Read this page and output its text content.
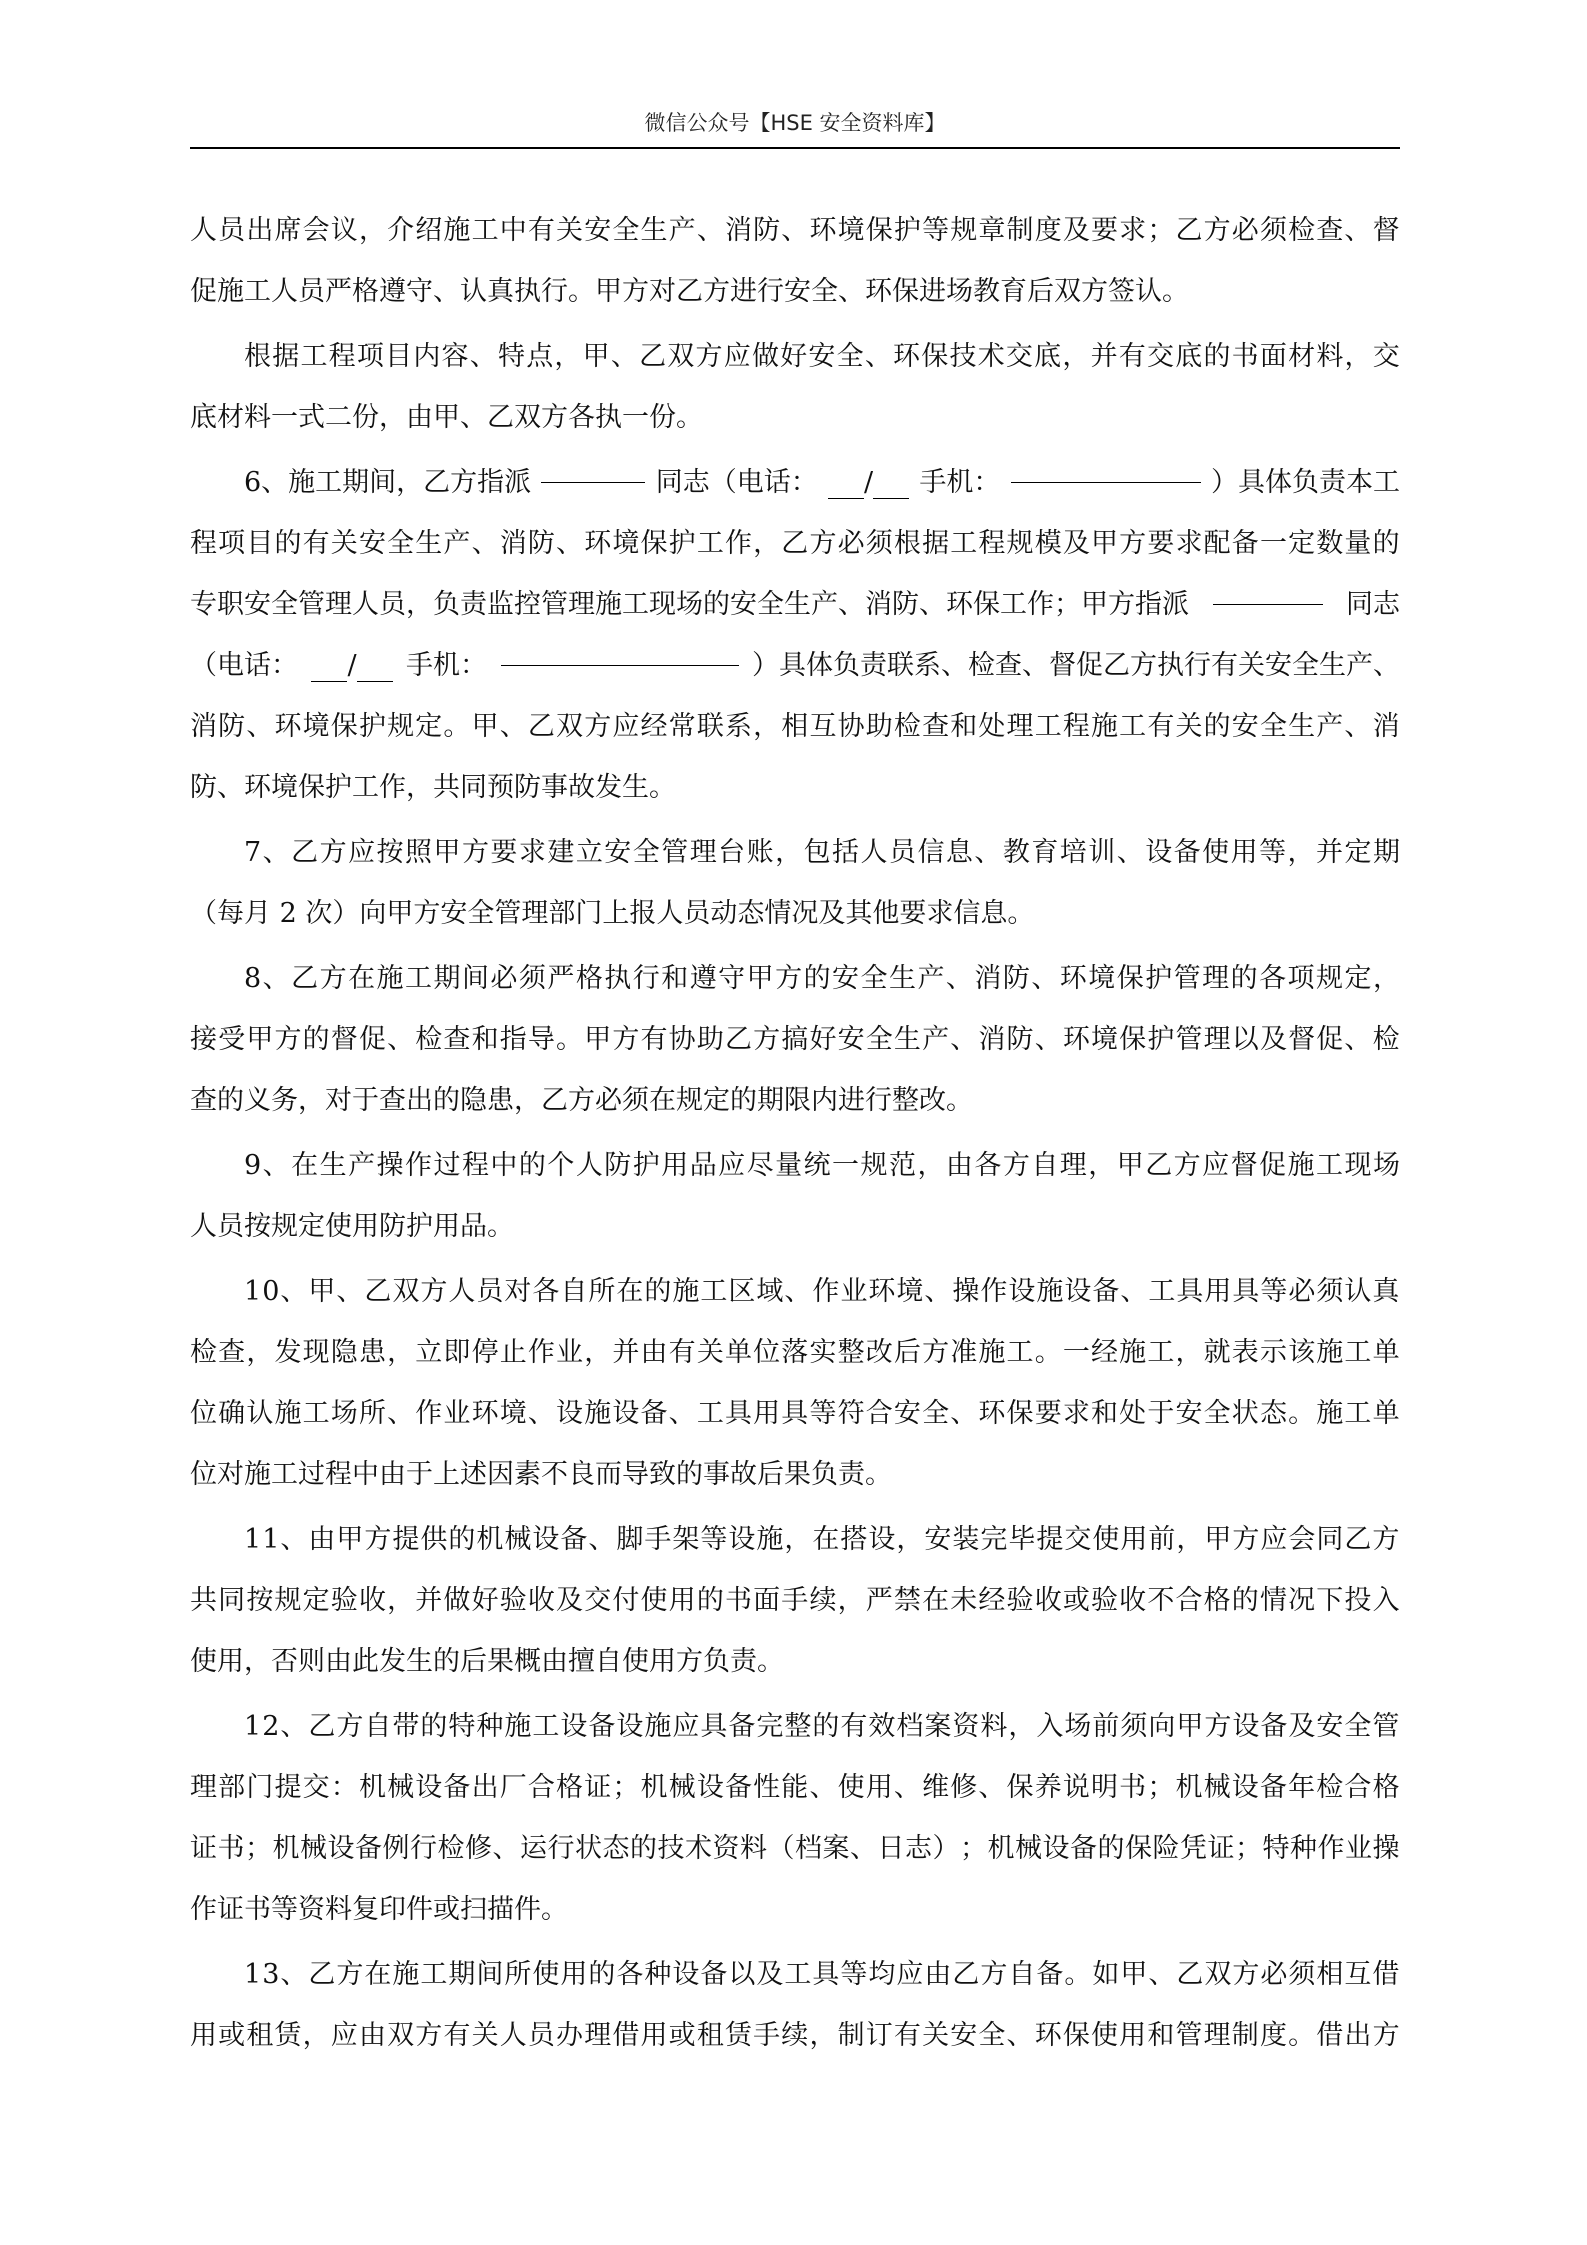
微信公众号【HSE 安全资料库】
人 员 出 席 会 议 ， 介 绍 施 工 中 有 关 安 全 生 产 、 消 防 、 环 境 保 护 等 规 章 制 度 及 要 求 ； 乙 方 必 须 检 查 、 督
促施工人员严格遵守、认真执行。甲方对乙方进行安全、环保进场教育后双方签认。
根 据 工 程 项 目 内 容 、 特 点 ， 甲 、 乙 双 方 应 做 好 安 全 、 环 保 技 术 交 底 ， 并 有 交 底 的 书 面 材 料 ， 交
底材料一式二份，由甲、乙双方各执一份。
6、施工期间，乙方指派	同志（电话：	/	手机：	）具体负责本工
程 项 目 的 有 关 安 全 生 产 、 消 防 、 环 境 保 护 工 作 ， 乙 方 必 须 根 据 工 程 规 模 及 甲 方 要 求 配 备 一 定 数 量 的
专职安全管理人员，负责监控管理施工现场的安全生产、消防、环保工作；甲方指派	同志
（电话：	/	手机：	）具体负责联系、检查、督促乙方执行有关安全生产、
消 防 、 环 境 保 护 规 定 。 甲 、 乙 双 方 应 经 常 联 系 ， 相 互 协 助 检 查 和 处 理 工 程 施 工 有 关 的 安 全 生 产 、 消
防、环境保护工作，共同预防事故发生。
7 、 乙 方 应 按 照 甲 方 要 求 建 立 安 全 管 理 台 账 ， 包 括 人 员 信 息 、 教 育 培 训 、 设 备 使 用 等 ， 并 定 期
（每月 2 次）向甲方安全管理部门上报人员动态情况及其他要求信息。
8 、 乙 方 在 施 工 期 间 必 须 严 格 执 行 和 遵 守 甲 方 的 安 全 生 产 、 消 防 、 环 境 保 护 管 理 的 各 项 规 定 ，
接 受 甲 方 的 督 促 、 检 查 和 指 导 。 甲 方 有 协 助 乙 方 搞 好 安 全 生 产 、 消 防 、 环 境 保 护 管 理 以 及 督 促 、 检
查的义务，对于查出的隐患，乙方必须在规定的期限内进行整改。
9 、 在 生 产 操 作 过 程 中 的 个 人 防 护 用 品 应 尽 量 统 一 规 范 ， 由 各 方 自 理 ， 甲 乙 方 应 督 促 施 工 现 场
人员按规定使用防护用品。
1 0 、 甲 、 乙 双 方 人 员 对 各 自 所 在 的 施 工 区 域 、 作 业 环 境 、 操 作 设 施 设 备 、 工 具 用 具 等 必 须 认 真
检 查 ， 发 现 隐 患 ， 立 即 停 止 作 业 ， 并 由 有 关 单 位 落 实 整 改 后 方 准 施 工 。 一 经 施 工 ， 就 表 示 该 施 工 单
位 确 认 施 工 场 所 、 作 业 环 境 、 设 施 设 备 、 工 具 用 具 等 符 合 安 全 、 环 保 要 求 和 处 于 安 全 状 态 。 施 工 单
位对施工过程中由于上述因素不良而导致的事故后果负责。
1 1 、 由 甲 方 提 供 的 机 械 设 备 、 脚 手 架 等 设 施 ， 在 搭 设 ， 安 装 完 毕 提 交 使 用 前 ， 甲 方 应 会 同 乙 方
共 同 按 规 定 验 收 ， 并 做 好 验 收 及 交 付 使 用 的 书 面 手 续 ， 严 禁 在 未 经 验 收 或 验 收 不 合 格 的 情 况 下 投 入
使用，否则由此发生的后果概由擅自使用方负责。
1 2 、 乙 方 自 带 的 特 种 施 工 设 备 设 施 应 具 备 完 整 的 有 效 档 案 资 料 ， 入 场 前 须 向 甲 方 设 备 及 安 全 管
理 部 门 提 交 ： 机 械 设 备 出 厂 合 格 证 ； 机 械 设 备 性 能 、 使 用 、 维 修 、 保 养 说 明 书 ； 机 械 设 备 年 检 合 格
证 书 ； 机 械 设 备 例 行 检 修 、 运 行 状 态 的 技 术 资 料 （ 档 案 、 日 志 ） ； 机 械 设 备 的 保 险 凭 证 ； 特 种 作 业 操
作证书等资料复印件或扫描件。
1 3 、 乙 方 在 施 工 期 间 所 使 用 的 各 种 设 备 以 及 工 具 等 均 应 由 乙 方 自 备 。 如 甲 、 乙 双 方 必 须 相 互 借
用 或 租 赁 ， 应 由 双 方 有 关 人 员 办 理 借 用 或 租 赁 手 续 ， 制 订 有 关 安 全 、 环 保 使 用 和 管 理 制 度 。 借 出 方
